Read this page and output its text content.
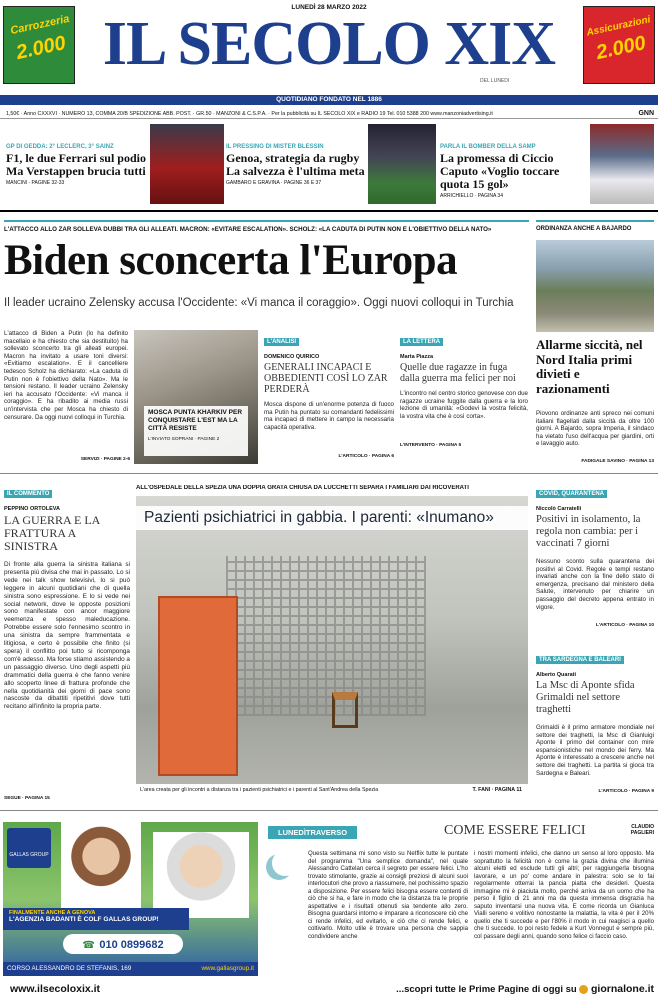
Carrozzeria
2.000
Assicurazioni
2.000
LUNEDÌ 28 MARZO 2022
IL SECOLO XIX
DEL LUNEDI
QUOTIDIANO FONDATO NEL 1886
1,50€ · Anno CXXXVI · NUMERO 13, COMMA 20/B SPEDIZIONE ABB. POST. · GR.50 · MANZONI & C.S.P.A. · Per la pubblicità su IL SECOLO XIX e RADIO 19 Tel. 010 5388 200 www.manzoniadvertising.it	GNN
GP DI GEDDA: 2° LECLERC, 3° SAINZ
F1, le due Ferrari sul podio Ma Verstappen brucia tutti
MANCINI · PAGINE 32-33
IL PRESSING DI MISTER BLESSIN
Genoa, strategia da rugby La salvezza è l'ultima meta
GAMBARO E GRAVINA · PAGINE 36 E 37
PARLA IL BOMBER DELLA SAMP
La promessa di Ciccio Caputo «Voglio toccare quota 15 gol»
ARRICHIELLO · PAGINA 34
L'ATTACCO ALLO ZAR SOLLEVA DUBBI TRA GLI ALLEATI. MACRON: «EVITARE ESCALATION». SCHOLZ: «LA CADUTA DI PUTIN NON È L'OBIETTIVO DELLA NATO»
Biden sconcerta l'Europa
Il leader ucraino Zelensky accusa l'Occidente: «Vi manca il coraggio». Oggi nuovi colloqui in Turchia
L'attacco di Biden a Putin (lo ha definito macellaio e ha chiesto che sia destituito) ha sollevato sconcerto tra gli alleati europei. Macron ha invitato a usare toni diversi: «Evitiamo escalation». E il cancelliere tedesco Scholz ha dichiarato: «La caduta di Putin non è l'obiettivo della Nato». Ma le tensioni restano. Il leader ucraino Zelensky ieri ha accusato l'Occidente: «Vi manca il coraggio». E ha ribadito ai media russi un'intervista che per Mosca ha chiesto di censurare. Da oggi nuovi colloqui in Turchia.
SERVIZI · PAGINE 2-6
MOSCA PUNTA KHARKIV PER CONQUISTARE L'EST MA LA CITTÀ RESISTE
L'INVIATO SOPRANI · PAGINE 2
L'ANALISI
DOMENICO QUIRICO
GENERALI INCAPACI E OBBEDIENTI COSÌ LO ZAR PERDERÀ
Mosca dispone di un'enorme potenza di fuoco ma Putin ha puntato su comandanti fedelissimi ma incapaci di mettere in campo la necessaria capacità operativa.
L'ARTICOLO · PAGINA 6
LA LETTERA
Marta Piazza
Quelle due ragazze in fuga dalla guerra ma felici per noi
L'incontro nel centro storico genovese con due ragazze ucraine fuggite dalla guerra e la loro lezione di umanità: «Godevi la vostra felicità, la vostra vita che è così corta».
L'INTERVENTO · PAGINA 5
ORDINANZA ANCHE A BAJARDO
Allarme siccità, nel Nord Italia primi divieti e razionamenti
Piovono ordinanze anti spreco nei comuni italiani flagellati dalla siccità da oltre 100 giorni. A Bajardo, sopra Imperia, il sindaco ha vietato l'uso dell'acqua per giardini, orti e lavaggio auto.
FADIGALE SAVINO · PAGINA 13
IL COMMENTO
PEPPINO ORTOLEVA
LA GUERRA E LA FRATTURA A SINISTRA
Di fronte alla guerra la sinistra italiana si presenta più divisa che mai in passato. Lo si vede nei talk show televisivi, lo si può leggere in alcuni quotidiani che di quella sinistra sono espressione. E lo si vede nei social network, dove le opposte posizioni sono manifestate con ancor maggiore veemenza e spesso maleducazione. Potrebbe essere solo l'ennesimo scontro in una sinistra da sempre frammentata e litigiosa, e certo è possibile che finito (si spera) il conflitto poi tutto si ricomponga com'è adesso. Ma forse stiamo assistendo a un passaggio diverso. Uno degli aspetti più drammatici della guerra è che fanno venire allo scoperto linee di frattura profonde che nella quotidianità dei giorni di pace sono nascoste da dibattiti ripetitivi dove tutti recitano all'infinito la propria parte.
SEGUE · PAGINA 15
ALL'OSPEDALE DELLA SPEZIA UNA DOPPIA GRATA CHIUSA DA LUCCHETTI SEPARA I FAMILIARI DAI RICOVERATI
Pazienti psichiatrici in gabbia. I parenti: «Inumano»
L'area creata per gli incontri a distanza tra i pazienti psichiatrici e i parenti al Sant'Andrea della Spezia	T. FANI · PAGINA 11
COVID, QUARANTENA
Niccolò Carratelli
Positivi in isolamento, la regola non cambia: per i vaccinati 7 giorni
Nessuno sconto sulla quarantena dei positivi al Covid. Regole e tempi restano invariati anche con la fine dello stato di emergenza, precisano dal ministero della Salute, intervenuto per chiarire un passaggio del decreto appena entrato in vigore.
L'ARTICOLO · PAGINA 10
TRA SARDEGNA E BALEARI
Alberto Quarati
La Msc di Aponte sfida Grimaldi nel settore traghetti
Grimaldi è il primo armatore mondiale nel settore dei traghetti, la Msc di Gianluigi Aponte il primo del container con mire espansionistiche nel mondo dei ferry. Ma Aponte è interessato a crescere anche nel settore dei traghetti. La partita si gioca tra Sardegna e Baleari.
L'ARTICOLO · PAGINA 9
GALLAS GROUP
FINALMENTE ANCHE A GENOVA
L'AGENZIA BADANTI È COLF GALLAS GROUP!
☎ 010 0899682
CORSO ALESSANDRO DE STEFANIS, 169	www.gallasgroup.it
LUNEDÌTRAVERSO	COME ESSERE FELICI	CLAUDIO PAGLIERI
Questa settimana mi sono visto su Netflix tutte le puntate del programma "Una semplice domanda", nel quale Alessandro Cattelan cerca il segreto per essere felici. L'ho trovato stimolante, grazie ai consigli preziosi di alcuni suoi interlocutori che provo a riassumere, nel pochissimo spazio a disposizione. Per essere felici bisogna essere contenti di ciò che si ha, e fare in modo che la distanza tra le proprie aspettative e i risultati ottenuti sia tendente allo zero. Bisogna guardarsi intorno e imparare a riconoscere ciò che ci rende infelici, ed evitarlo, e ciò che ci rende felici, e coltivarlo. Molto utile è trovare una persona che sappia condividere anche
i nostri momenti infelici, che danno un senso al loro opposto. Ma soprattutto la felicità non è come la grazia divina che illumina alcuni eletti ed esclude tutti gli altri; per raggiungerla bisogna lavorare, e un po' come andare in palestra: solo se lo fai regolarmente otterrai la pancia piatta che desideri. Questa immagine mi è piaciuta molto, perché arriva da un uomo che ha perso il figlio di 21 anni ma da questa immensa disgrazia ha saputo inventarsi una nuova vita. E come ricorda un Gianluca Vialli sereno e volitivo nonostante la malattia, la vita è per il 20% quello che ti succede e per l'80% il modo in cui reagisci a quello che ti succede. Io poi resto fedele a Kurt Vonnegut e sempre più, col passare degli anni, quando sono felice ci faccio caso.
www.ilsecoloxix.it	...scopri tutte le Prime Pagine di oggi su giornalone.it
